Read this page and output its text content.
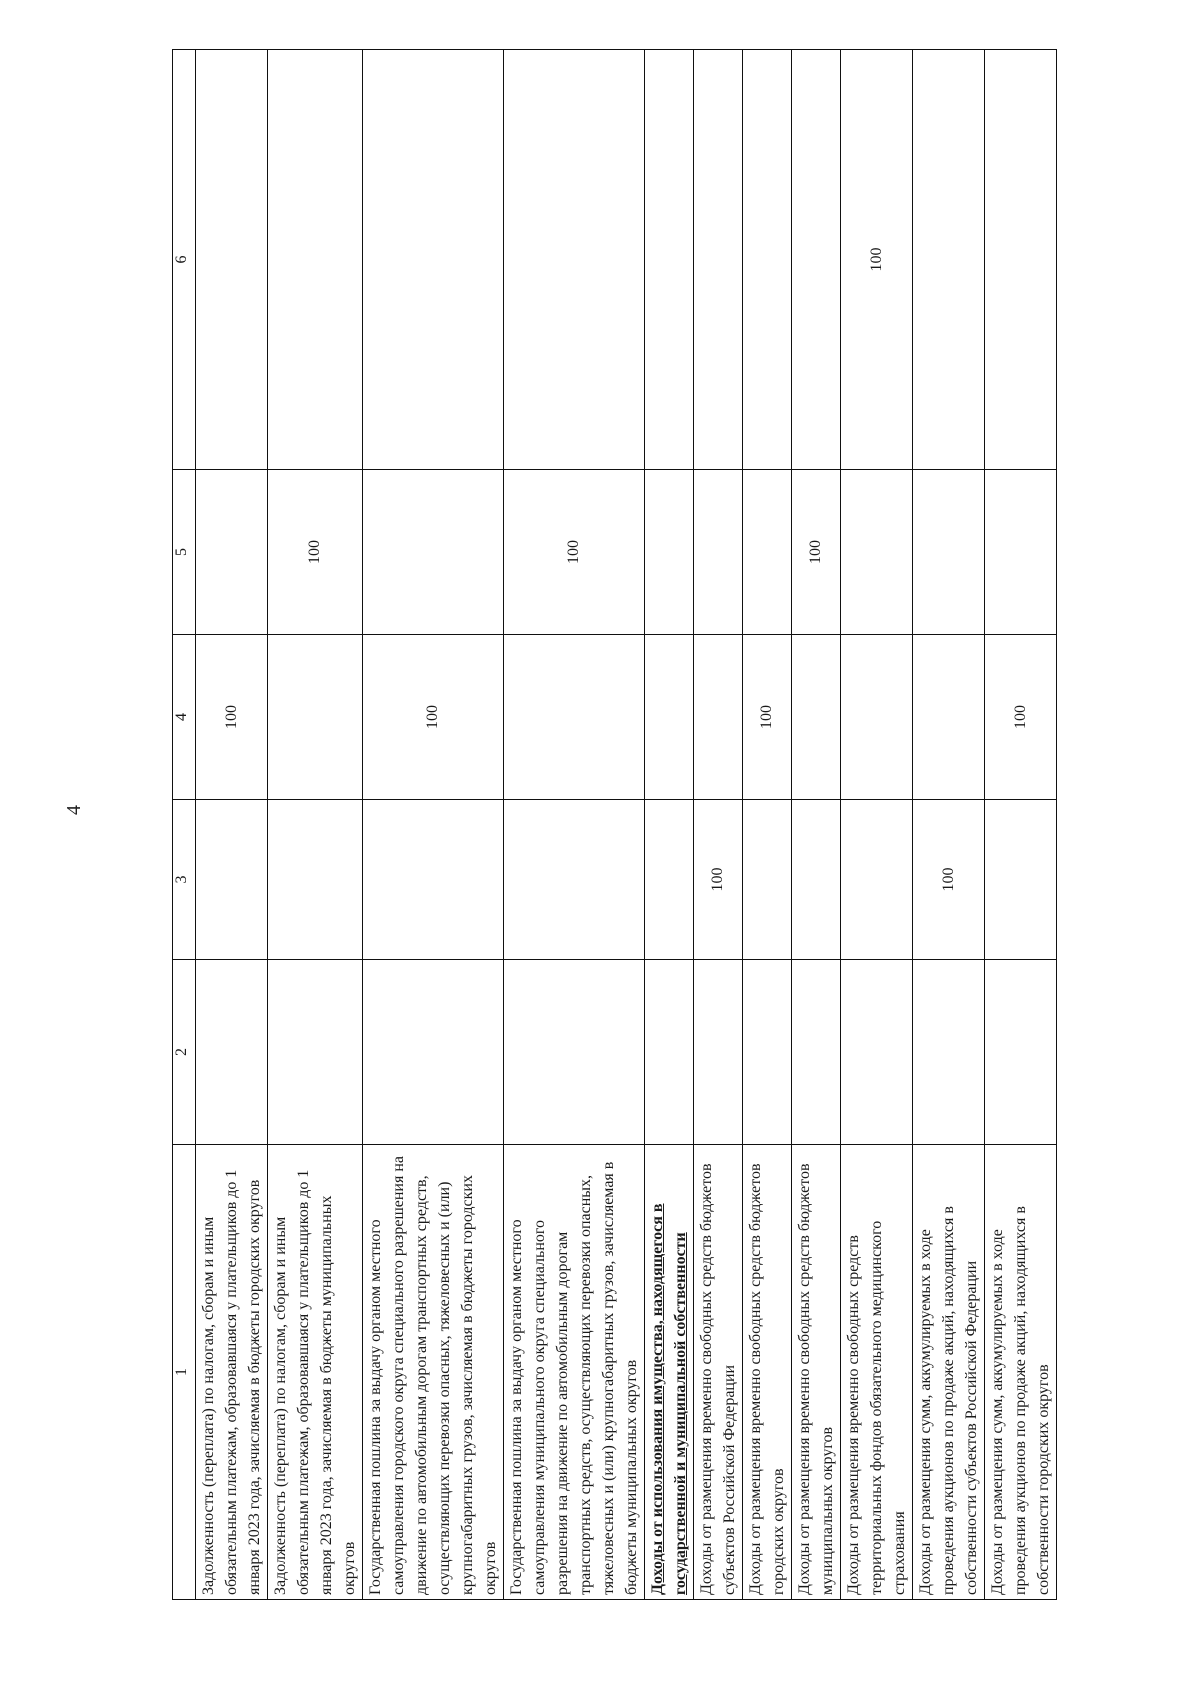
4
1	2	3	4	5	6
Задолженность (переплата) по налогам, сборам и иным обязательным платежам, образовавшаяся у плательщиков до 1 января 2023 года, зачисляемая в бюджеты городских округов			100		
Задолженность (переплата) по налогам, сборам и иным обязательным платежам, образовавшаяся у плательщиков до 1 января 2023 года, зачисляемая в бюджеты муниципальных округов				100	
Государственная пошлина за выдачу органом местного самоуправления городского округа специального разрешения на движение по автомобильным дорогам транспортных средств, осуществляющих перевозки опасных, тяжеловесных и (или) крупногабаритных грузов, зачисляемая в бюджеты городских округов			100		
Государственная пошлина за выдачу органом местного самоуправления муниципального округа специального разрешения на движение по автомобильным дорогам транспортных средств, осуществляющих перевозки опасных, тяжеловесных и (или) крупногабаритных грузов, зачисляемая в бюджеты муниципальных округов				100	
Доходы от использования имущества, находящегося в государственной и муниципальной собственности					
Доходы от размещения временно свободных средств бюджетов субъектов Российской Федерации		100			
Доходы от размещения временно свободных средств бюджетов городских округов			100		
Доходы от размещения временно свободных средств бюджетов муниципальных округов				100	
Доходы от размещения временно свободных средств территориальных фондов обязательного медицинского страхования					100
Доходы от размещения сумм, аккумулируемых в ходе проведения аукционов по продаже акций, находящихся в собственности субъектов Российской Федерации		100			
Доходы от размещения сумм, аккумулируемых в ходе проведения аукционов по продаже акций, находящихся в собственности городских округов			100		
